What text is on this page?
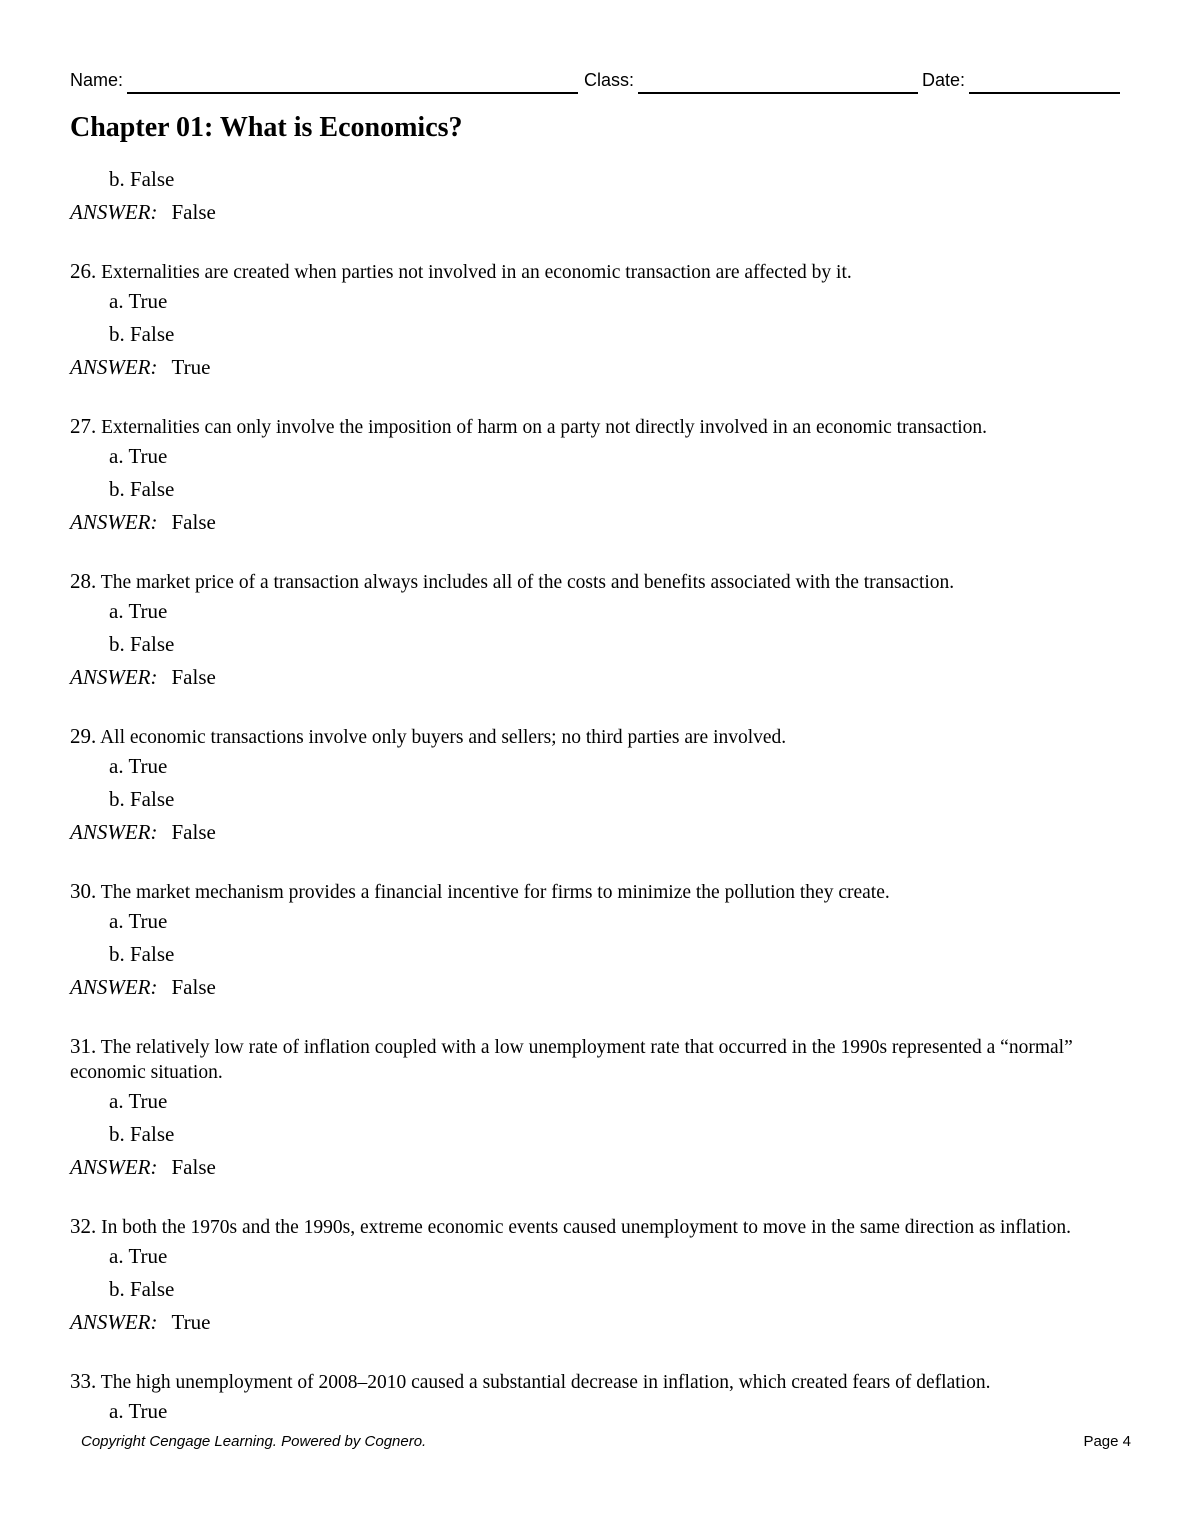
Name:	Class:	Date:
Chapter 01: What is Economics?
b. False
ANSWER: False
26. Externalities are created when parties not involved in an economic transaction are affected by it.
a. True
b. False
ANSWER: True
27. Externalities can only involve the imposition of harm on a party not directly involved in an economic transaction.
a. True
b. False
ANSWER: False
28. The market price of a transaction always includes all of the costs and benefits associated with the transaction.
a. True
b. False
ANSWER: False
29. All economic transactions involve only buyers and sellers; no third parties are involved.
a. True
b. False
ANSWER: False
30. The market mechanism provides a financial incentive for firms to minimize the pollution they create.
a. True
b. False
ANSWER: False
31. The relatively low rate of inflation coupled with a low unemployment rate that occurred in the 1990s represented a “normal” economic situation.
a. True
b. False
ANSWER: False
32. In both the 1970s and the 1990s, extreme economic events caused unemployment to move in the same direction as inflation.
a. True
b. False
ANSWER: True
33. The high unemployment of 2008–2010 caused a substantial decrease in inflation, which created fears of deflation.
a. True
Copyright Cengage Learning. Powered by Cognero.	Page 4
